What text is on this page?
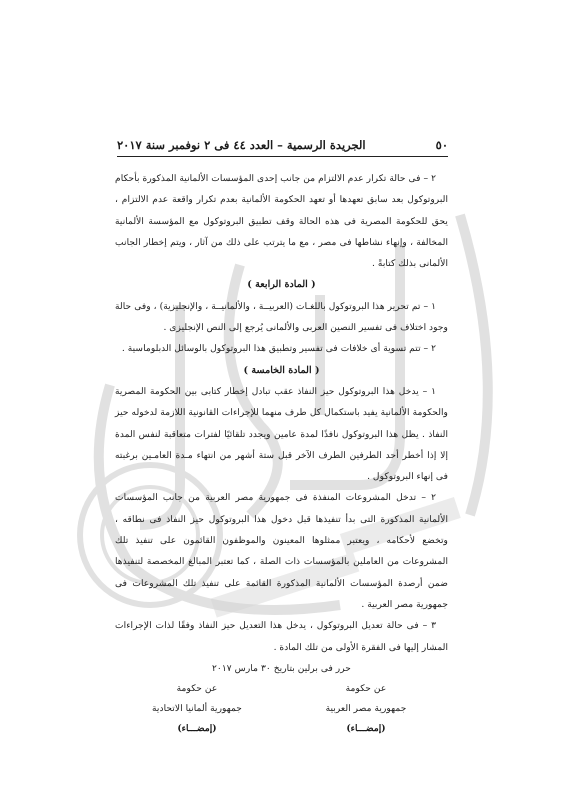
٥٠
الجريدة الرسمية – العدد ٤٤ فى ٢ نوفمبر سنة ٢٠١٧

٢ – فى حالة تكرار عدم الالتزام من جانب إحدى المؤسسات الألمانية المذكورة بأحكام البروتوكول بعد سابق تعهدها أو تعهد الحكومة الألمانية بعدم تكرار واقعة عدم الالتزام ، يحق للحكومة المصرية فى هذه الحالة وقف تطبيق البروتوكول مع المؤسسة الألمانية المخالفة ، وإنهاء نشاطها فى مصر ، مع ما يترتب على ذلك من آثار ، ويتم إخطار الجانب الألمانى بذلك كتابةً .

( المادة الرابعة )

١ – تم تحرير هذا البروتوكول باللغـات (العربيــة ، والألمانيــة ، والإنجليزية) ، وفى حالة وجود اختلاف فى تفسير النصين العربى والألمانى يُرجع إلى النص الإنجليزى .

٢ – تتم تسوية أى خلافات فى تفسير وتطبيق هذا البروتوكول بالوسائل الدبلوماسية .

( المادة الخامسة )

١ – يدخل هذا البروتوكول حيز النفاذ عقب تبادل إخطار كتابى بين الحكومة المصرية والحكومة الألمانية يفيد باستكمال كل طرف منهما للإجراءات القانونية اللازمة لدخوله حيز النفاذ . يظل هذا البروتوكول نافذًا لمدة عامين ويجدد تلقائيًا لفترات متعاقبة لنفس المدة إلا إذا أخطر أحد الطرفين الطرف الآخر قبل ستة أشهر من انتهاء مـدة العامـين برغبته فى إنهاء البروتوكول .

٢ – تدخل المشروعات المنفذة فى جمهورية مصر العربية من جانب المؤسسات الألمانية المذكورة التى بدأ تنفيذها قبل دخول هذا البروتوكول حيز النفاذ فى نطاقه ، وتخضع لأحكامه ، ويعتبر ممثلوها المعينون والموظفون القائمون على تنفيذ تلك المشروعات من العاملين بالمؤسسات ذات الصلة ، كما تعتبر المبالغ المخصصة لتنفيذها ضمن أرصدة المؤسسات الألمانية المذكورة القائمة على تنفيذ تلك المشروعات فى جمهورية مصر العربية .

٣ – فى حالة تعديل البروتوكول ، يدخل هذا التعديل حيز النفاذ وفقًا لذات الإجراءات المشار إليها فى الفقرة الأولى من تلك المادة .

حرر فى برلين بتاريخ ٣٠ مارس ٢٠١٧

عن حكومة
جمهورية مصر العربية
(إمضـــاء)
عن حكومة
جمهورية ألمانيا الاتحادية
(إمضـــاء)
